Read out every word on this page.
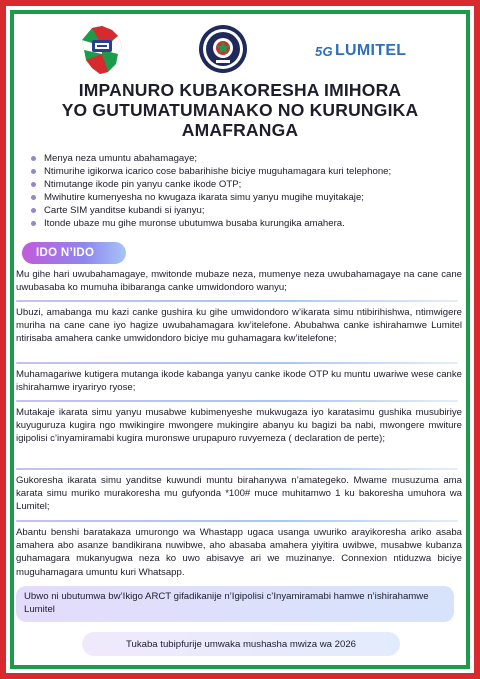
5G LUMITEL
IMPANURO KUBAKORESHA IMIHORA
YO GUTUMATUMANAKO NO KURUNGIKA
AMAFRANGA
Menya neza umuntu abahamagaye;
Ntimurihe igikorwa icarico cose babarihishe biciye muguhamagara kuri telephone;
Ntimutange ikode pin yanyu canke ikode OTP;
Mwihutire kumenyesha no kwugaza ikarata simu yanyu mugihe muyitakaje;
Carte SIM yanditse kubandi si iyanyu;
Itonde ubaze mu gihe muronse ubutumwa busaba kurungika amahera.
IDO N’IDO

Mu gihe hari uwubahamagaye, mwitonde mubaze neza, mumenye neza uwubahamagaye na cane cane uwubasaba ko mumuha ibibaranga canke umwidondoro wanyu;

Ubuzi, amabanga mu kazi canke gushira ku gihe umwidondoro w’ikarata simu ntibirihishwa, ntimwigere muriha na cane cane iyo hagize uwubahamagara kw’itelefone. Abubahwa canke ishirahamwe Lumitel ntirisaba amahera canke umwidondoro biciye mu guhamagara kw’itelefone;

Muhamagariwe kutigera mutanga ikode kabanga yanyu canke ikode OTP ku muntu uwariwe wese canke ishirahamwe iryariryo ryose;

Mutakaje ikarata simu yanyu musabwe kubimenyeshe mukwugaza iyo karatasimu gushika musubiriye kuyuguruza kugira ngo mwikingire mwongere mukingire abanyu ku bagizi ba nabi, mwongere mwiture igipolisi c’inyamiramabi kugira muronswe urupapuro ruvyemeza ( declaration de perte);

Gukoresha ikarata simu yanditse kuwundi muntu birahanywa n’amategeko. Mwame musuzuma ama karata simu muriko murakoresha mu gufyonda *100# muce muhitamwo 1 ku bakoresha umuhora wa Lumitel;

Abantu benshi baratakaza umurongo wa Whastapp ugaca usanga uwuriko arayikoresha ariko asaba amahera abo asanze bandikirana nuwibwe, aho abasaba amahera yiyitira uwibwe, musabwe kubanza guhamagara mukanyugwa neza ko uwo abisavye ari we muzinanye. Connexion ntiduzwa biciye muguhamagara umuntu kuri Whatsapp.

Ubwo ni ubutumwa bw’Ikigo ARCT gifadikanije n’Igipolisi c’Inyamiramabi hamwe n’ishirahamwe Lumitel
Tukaba tubipfurije umwaka mushasha mwiza wa 2026
